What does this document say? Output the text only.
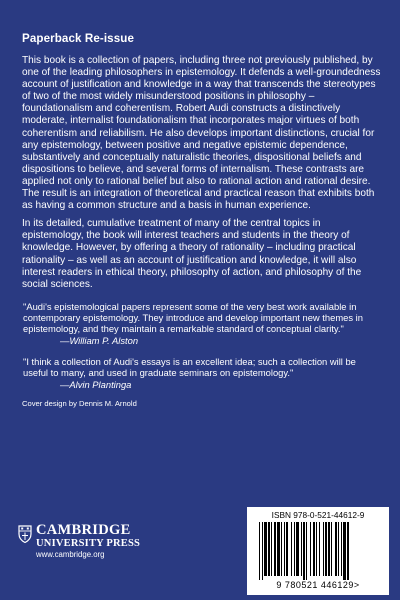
Paperback Re-issue

This book is a collection of papers, including three not previously published, by one of the leading philosophers in epistemology. It defends a well-groundedness account of justification and knowledge in a way that transcends the stereotypes of two of the most widely misunderstood positions in philosophy – foundationalism and coherentism. Robert Audi constructs a distinctively moderate, internalist foundationalism that incorporates major virtues of both coherentism and reliabilism. He also develops important distinctions, crucial for any epistemology, between positive and negative epistemic dependence, substantively and conceptually naturalistic theories, dispositional beliefs and dispositions to believe, and several forms of internalism. These contrasts are applied not only to rational belief but also to rational action and rational desire. The result is an integration of theoretical and practical reason that exhibits both as having a common structure and a basis in human experience.

In its detailed, cumulative treatment of many of the central topics in epistemology, the book will interest teachers and students in the theory of knowledge. However, by offering a theory of rationality – including practical rationality – as well as an account of justification and knowledge, it will also interest readers in ethical theory, philosophy of action, and philosophy of the social sciences.

"Audi's epistemological papers represent some of the very best work available in contemporary epistemology. They introduce and develop important new themes in epistemology, and they maintain a remarkable standard of conceptual clarity."
—William P. Alston
"I think a collection of Audi's essays is an excellent idea; such a collection will be useful to many, and used in graduate seminars on epistemology."
—Alvin Plantinga
Cover design by Dennis M. Arnold
CAMBRIDGE
UNIVERSITY PRESS
www.cambridge.org
ISBN 978-0-521-44612-9
9 780521 446129>
